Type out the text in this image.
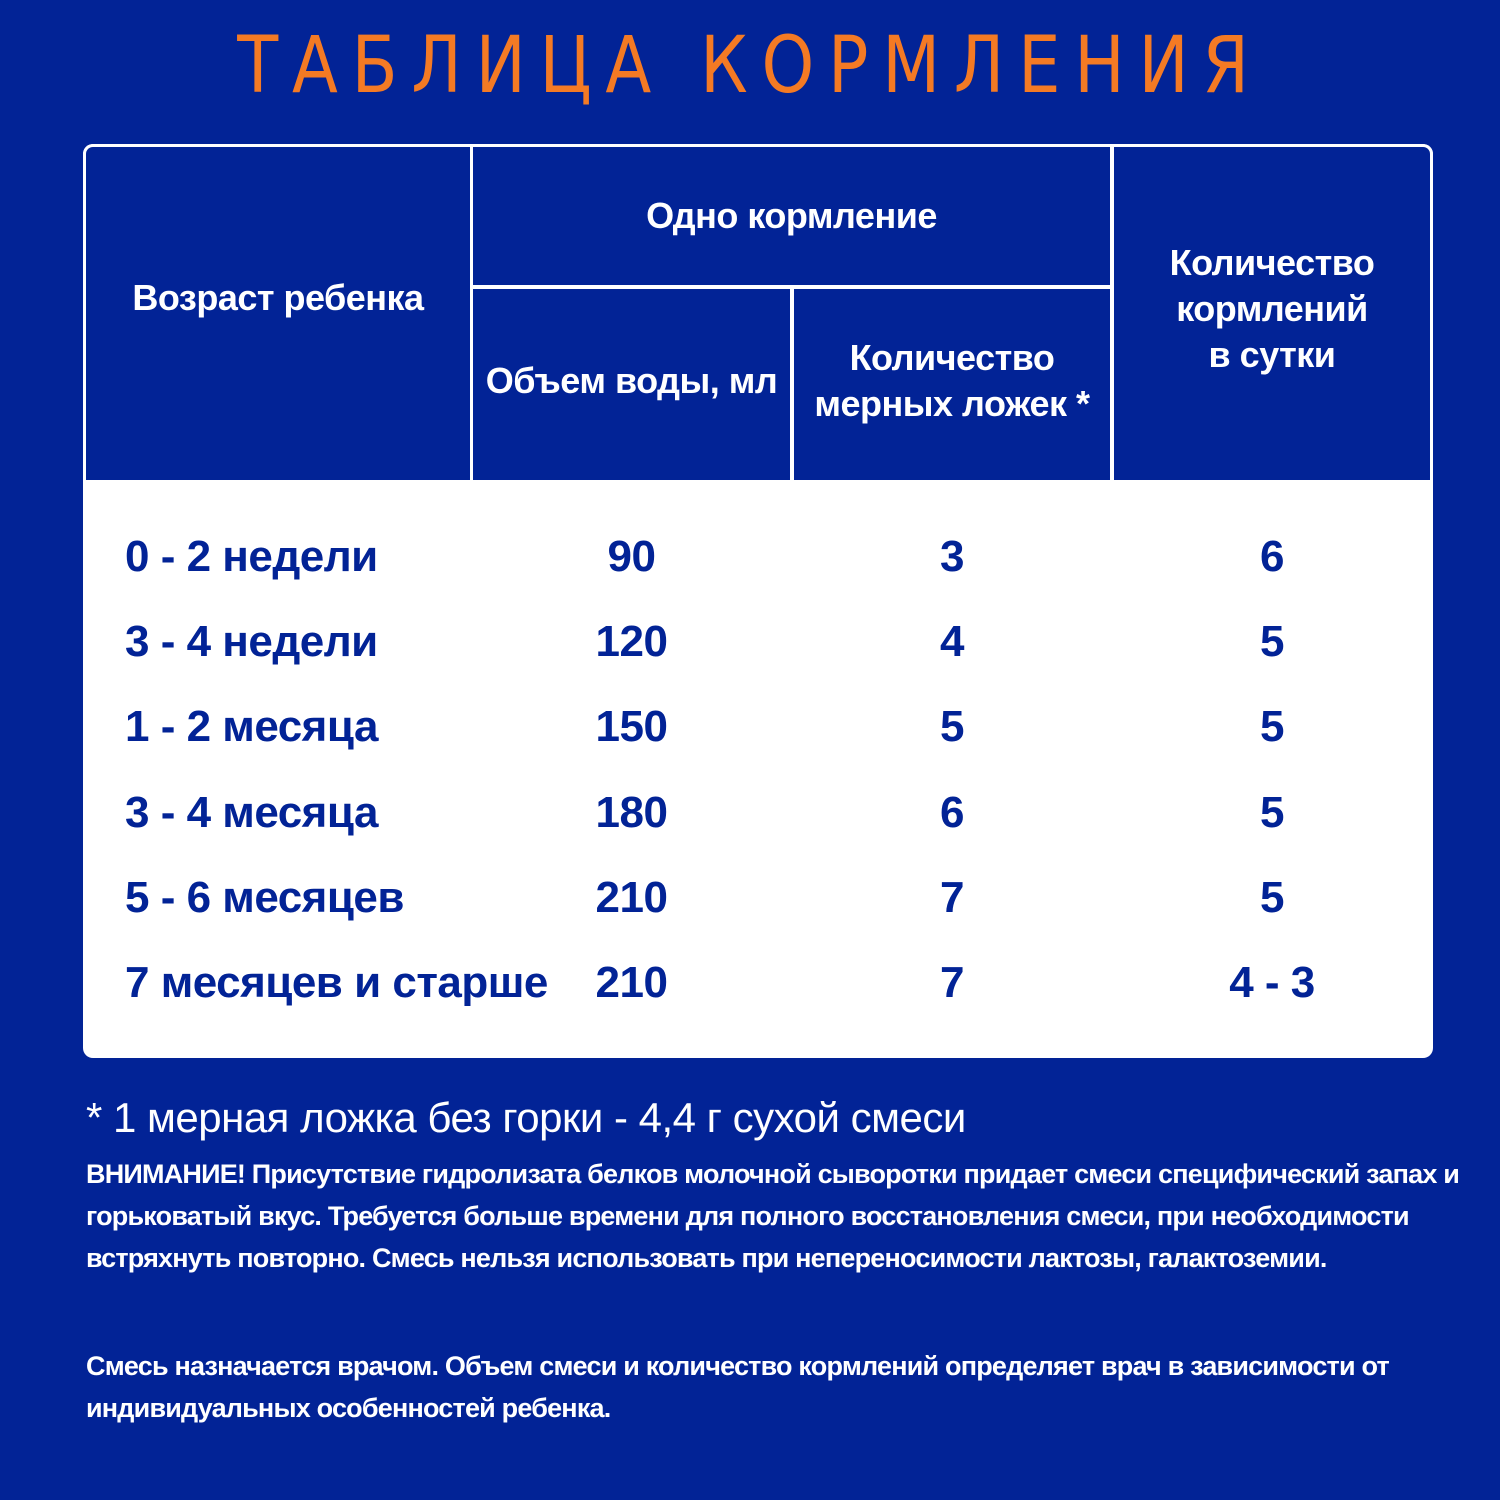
ТАБЛИЦА КОРМЛЕНИЯ
Возраст ребенка
Одно кормление
Объем воды, мл
Количество
мерных ложек *
Количество
кормлений
в сутки
0 - 2 недели	90	3	6
3 - 4 недели	120	4	5
1 - 2 месяца	150	5	5
3 - 4 месяца	180	6	5
5 - 6 месяцев	210	7	5
7 месяцев и старше	210	7	4 - 3
* 1 мерная ложка без горки - 4,4 г сухой смеси
ВНИМАНИЕ! Присутствие гидролизата белков молочной сыворотки придает смеси специфический запах и горьковатый вкус. Требуется больше времени для полного восстановления смеси, при необходимости встряхнуть повторно. Смесь нельзя использовать при непереносимости лактозы, галактоземии.
Смесь назначается врачом. Объем смеси и количество кормлений определяет врач в зависимости от индивидуальных особенностей ребенка.
